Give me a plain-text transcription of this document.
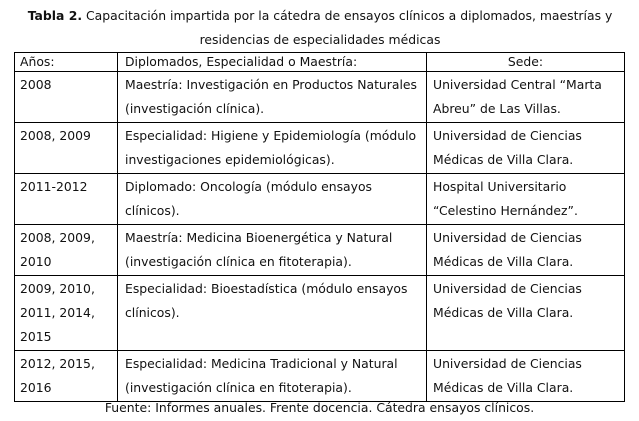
Tabla 2. Capacitación impartida por la cátedra de ensayos clínicos a diplomados, maestrías y residencias de especialidades médicas
Años:	Diplomados, Especialidad o Maestría:	Sede:
2008	Maestría: Investigación en Productos Naturales (investigación clínica).	Universidad Central “Marta Abreu” de Las Villas.
2008, 2009	Especialidad: Higiene y Epidemiología (módulo investigaciones epidemiológicas).	Universidad de Ciencias Médicas de Villa Clara.
2011-2012	Diplomado: Oncología (módulo ensayos clínicos).	Hospital Universitario “Celestino Hernández”.
2008, 2009, 2010	Maestría: Medicina Bioenergética y Natural (investigación clínica en fitoterapia).	Universidad de Ciencias Médicas de Villa Clara.
2009, 2010, 2011, 2014, 2015	Especialidad: Bioestadística (módulo ensayos clínicos).	Universidad de Ciencias Médicas de Villa Clara.
2012, 2015, 2016	Especialidad: Medicina Tradicional y Natural (investigación clínica en fitoterapia).	Universidad de Ciencias Médicas de Villa Clara.
Fuente: Informes anuales. Frente docencia. Cátedra ensayos clínicos.
